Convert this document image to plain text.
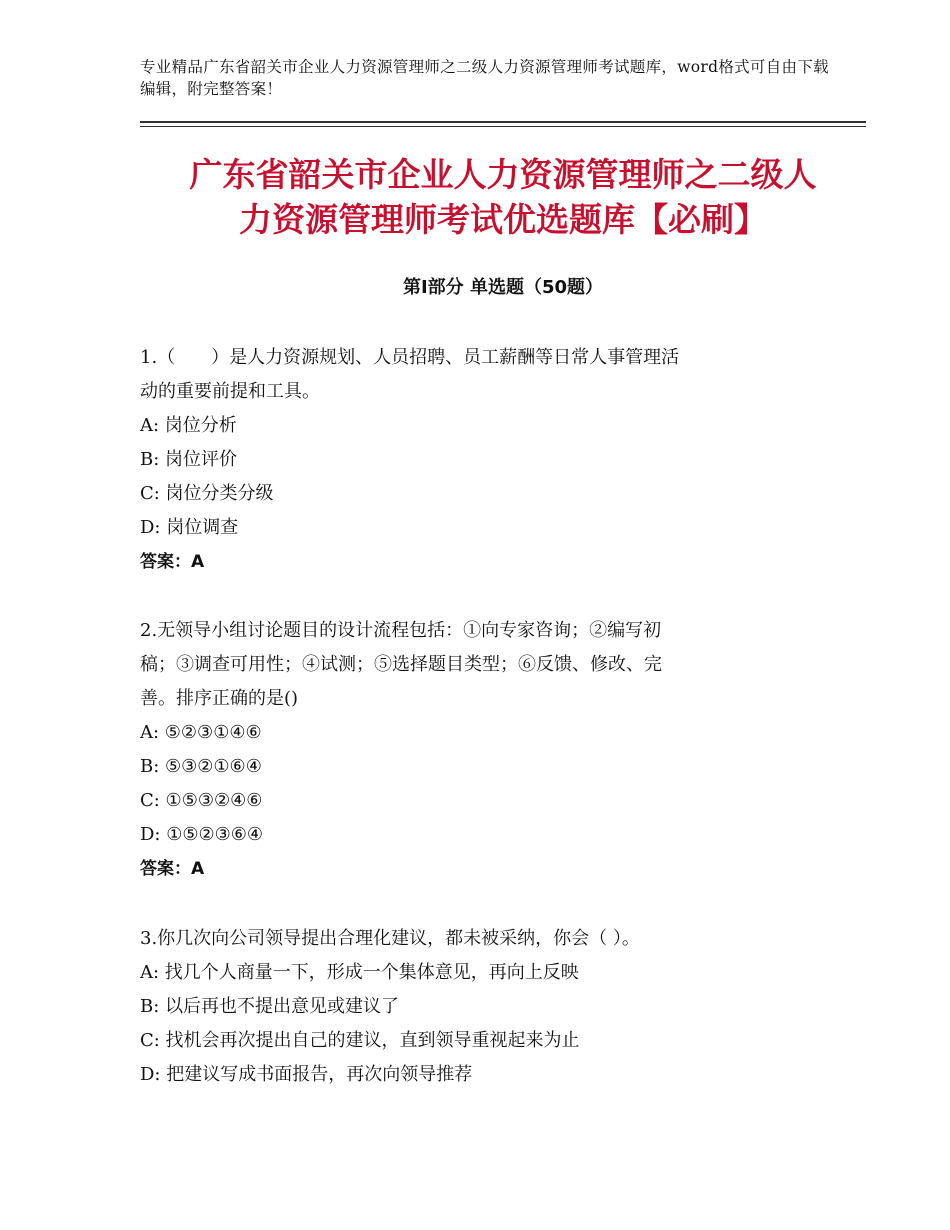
专业精品广东省韶关市企业人力资源管理师之二级人力资源管理师考试题库，word格式可自由下载编辑，附完整答案！
广东省韶关市企业人力资源管理师之二级人
力资源管理师考试优选题库【必刷】
第Ⅰ部分 单选题（50题）

1.（　　）是人力资源规划、人员招聘、员工薪酬等日常人事管理活

动的重要前提和工具。

A: 岗位分析

B: 岗位评价

C: 岗位分类分级

D: 岗位调查

答案：A

2.无领导小组讨论题目的设计流程包括：①向专家咨询；②编写初

稿；③调查可用性；④试测；⑤选择题目类型；⑥反馈、修改、完

善。排序正确的是()

A: ⑤②③①④⑥

B: ⑤③②①⑥④

C: ①⑤③②④⑥

D: ①⑤②③⑥④

答案：A

3.你几次向公司领导提出合理化建议，都未被采纳，你会（ ）。

A: 找几个人商量一下，形成一个集体意见，再向上反映

B: 以后再也不提出意见或建议了

C: 找机会再次提出自己的建议，直到领导重视起来为止

D: 把建议写成书面报告，再次向领导推荐
